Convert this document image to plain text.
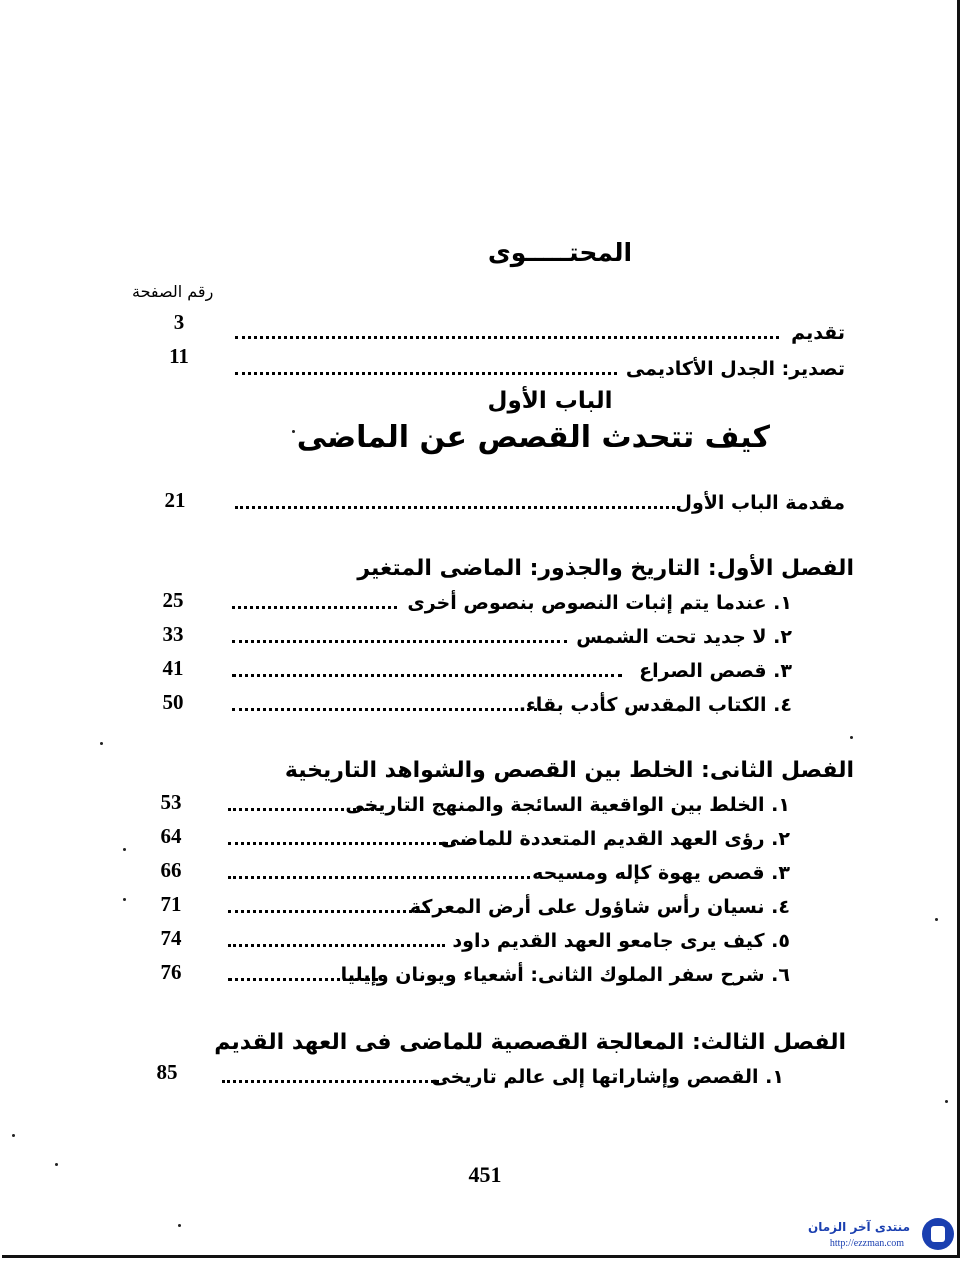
المحتـــــوى
رقم الصفحة
تقديم
3
تصدير: الجدل الأكاديمى
11
الباب الأول
كيف تتحدث القصص عن الماضى
مقدمة الباب الأول
21
الفصل الأول: التاريخ والجذور: الماضى المتغير
١. عندما يتم إثبات النصوص بنصوص أخرى
25
٢. لا جديد تحت الشمس
33
٣. قصص الصراع
41
٤. الكتاب المقدس كأدب بقاء.
50
الفصل الثانى: الخلط بين القصص والشواهد التاريخية
١. الخلط بين الواقعية السائجة والمنهج التاريخى
53
٢. رؤى العهد القديم المتعددة للماضى
64
٣. قصص يهوة كإله ومسيحه
66
٤. نسيان رأس شاؤول على أرض المعركة
71
٥. كيف يرى جامعو العهد القديم داود
74
٦. شرح سفر الملوك الثانى: أشعياء ويونان وإيليا
76
الفصل الثالث: المعالجة القصصية للماضى فى العهد القديم
١. القصص وإشاراتها إلى عالم تاريخى
85
451
منتدى آخر الزمان
http://ezzman.com
